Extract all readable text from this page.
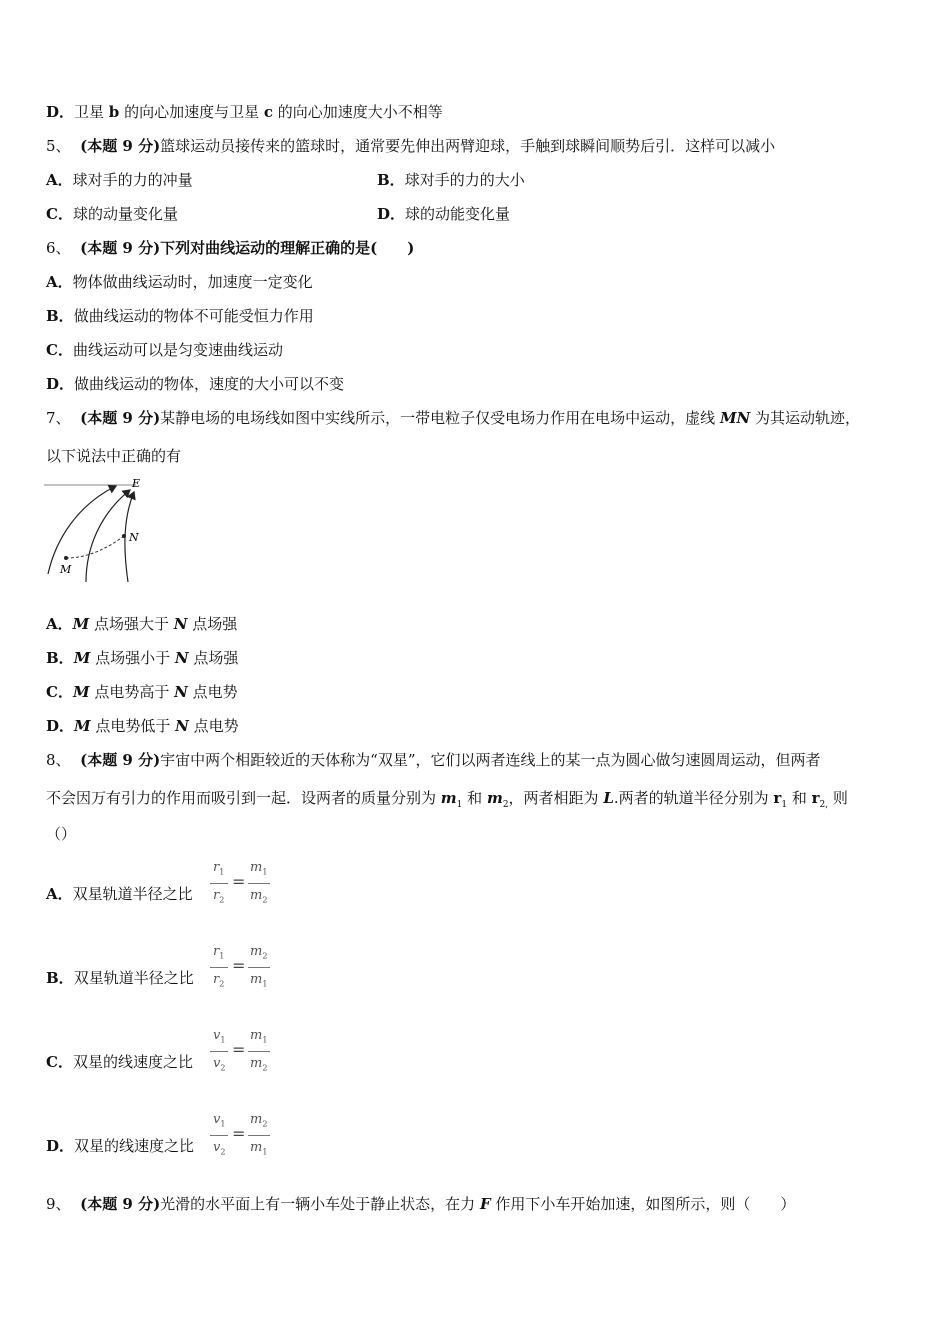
D．卫星 b 的向心加速度与卫星 c 的向心加速度大小不相等
5、 (本题 9 分)篮球运动员接传来的篮球时，通常要先伸出两臂迎球，手触到球瞬间顺势后引．这样可以减小
A．球对手的力的冲量	B．球对手的力的大小
C．球的动量变化量	D．球的动能变化量
6、 (本题 9 分)下列对曲线运动的理解正确的是(　　)
A．物体做曲线运动时，加速度一定变化
B．做曲线运动的物体不可能受恒力作用
C．曲线运动可以是匀变速曲线运动
D．做曲线运动的物体，速度的大小可以不变
7、 (本题 9 分)某静电场的电场线如图中实线所示，一带电粒子仅受电场力作用在电场中运动，虚线 MN 为其运动轨迹，
以下说法中正确的有
E
N
M
A．M 点场强大于 N 点场强
B．M 点场强小于 N 点场强
C．M 点电势高于 N 点电势
D．M 点电势低于 N 点电势
8、 (本题 9 分)宇宙中两个相距较近的天体称为“双星”，它们以两者连线上的某一点为圆心做匀速圆周运动，但两者
不会因万有引力的作用而吸引到一起．设两者的质量分别为 $m_1$ 和 $m_2$，两者相距为 L.两者的轨道半径分别为 $r_1$ 和 $r_{2,}$ 则
（）
A．双星轨道半径之比
$r_1$
$r_2$
=
$m_1$
$m_2$
B．双星轨道半径之比
$r_1$
$r_2$
=
$m_2$
$m_1$
C．双星的线速度之比
$v_1$
$v_2$
=
$m_1$
$m_2$
D．双星的线速度之比
$v_1$
$v_2$
=
$m_2$
$m_1$
9、 (本题 9 分)光滑的水平面上有一辆小车处于静止状态，在力 F 作用下小车开始加速，如图所示，则（　　）
